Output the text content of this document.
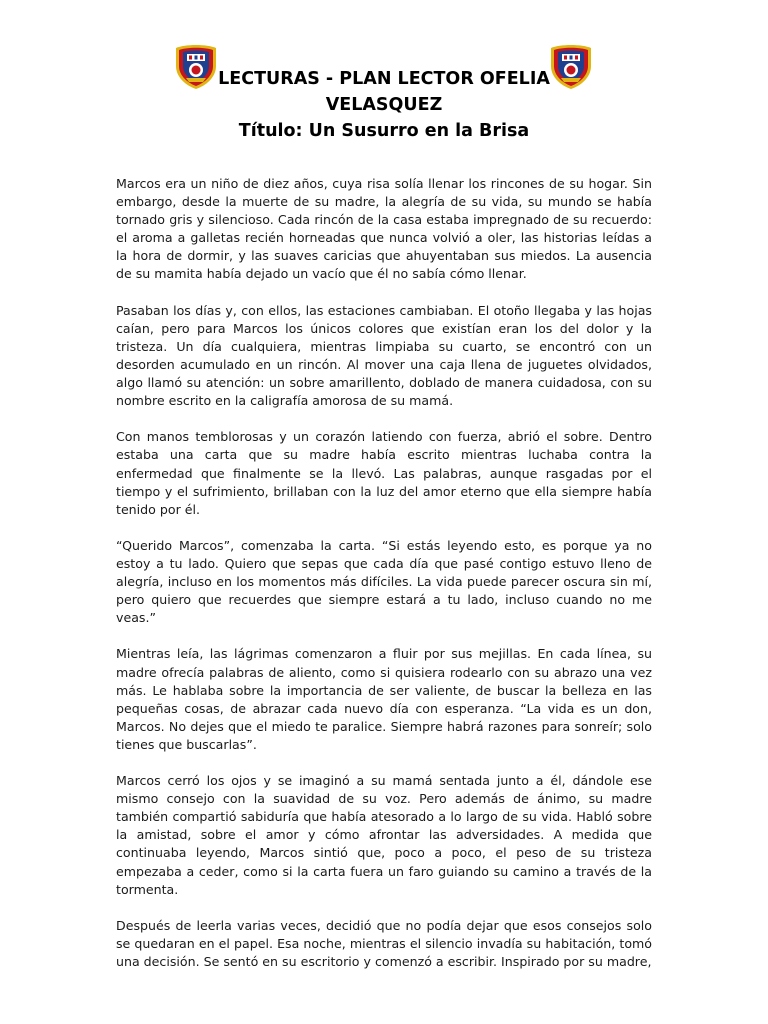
LECTURAS - PLAN LECTOR OFELIA
VELASQUEZ
Título: Un Susurro en la Brisa

Marcos era un niño de diez años, cuya risa solía llenar los rincones de su hogar. Sin embargo, desde la muerte de su madre, la alegría de su vida, su mundo se había tornado gris y silencioso. Cada rincón de la casa estaba impregnado de su recuerdo: el aroma a galletas recién horneadas que nunca volvió a oler, las historias leídas a la hora de dormir, y las suaves caricias que ahuyentaban sus miedos. La ausencia de su mamita había dejado un vacío que él no sabía cómo llenar.

Pasaban los días y, con ellos, las estaciones cambiaban. El otoño llegaba y las hojas caían, pero para Marcos los únicos colores que existían eran los del dolor y la tristeza. Un día cualquiera, mientras limpiaba su cuarto, se encontró con un desorden acumulado en un rincón. Al mover una caja llena de juguetes olvidados, algo llamó su atención: un sobre amarillento, doblado de manera cuidadosa, con su nombre escrito en la caligrafía amorosa de su mamá.

Con manos temblorosas y un corazón latiendo con fuerza, abrió el sobre. Dentro estaba una carta que su madre había escrito mientras luchaba contra la enfermedad que finalmente se la llevó. Las palabras, aunque rasgadas por el tiempo y el sufrimiento, brillaban con la luz del amor eterno que ella siempre había tenido por él.

“Querido Marcos”, comenzaba la carta. “Si estás leyendo esto, es porque ya no estoy a tu lado. Quiero que sepas que cada día que pasé contigo estuvo lleno de alegría, incluso en los momentos más difíciles. La vida puede parecer oscura sin mí, pero quiero que recuerdes que siempre estará a tu lado, incluso cuando no me veas.”

Mientras leía, las lágrimas comenzaron a fluir por sus mejillas. En cada línea, su madre ofrecía palabras de aliento, como si quisiera rodearlo con su abrazo una vez más. Le hablaba sobre la importancia de ser valiente, de buscar la belleza en las pequeñas cosas, de abrazar cada nuevo día con esperanza. “La vida es un don, Marcos. No dejes que el miedo te paralice. Siempre habrá razones para sonreír; solo tienes que buscarlas”.

Marcos cerró los ojos y se imaginó a su mamá sentada junto a él, dándole ese mismo consejo con la suavidad de su voz. Pero además de ánimo, su madre también compartió sabiduría que había atesorado a lo largo de su vida. Habló sobre la amistad, sobre el amor y cómo afrontar las adversidades. A medida que continuaba leyendo, Marcos sintió que, poco a poco, el peso de su tristeza empezaba a ceder, como si la carta fuera un faro guiando su camino a través de la tormenta.

Después de leerla varias veces, decidió que no podía dejar que esos consejos solo se quedaran en el papel. Esa noche, mientras el silencio invadía su habitación, tomó una decisión. Se sentó en su escritorio y comenzó a escribir. Inspirado por su madre,
